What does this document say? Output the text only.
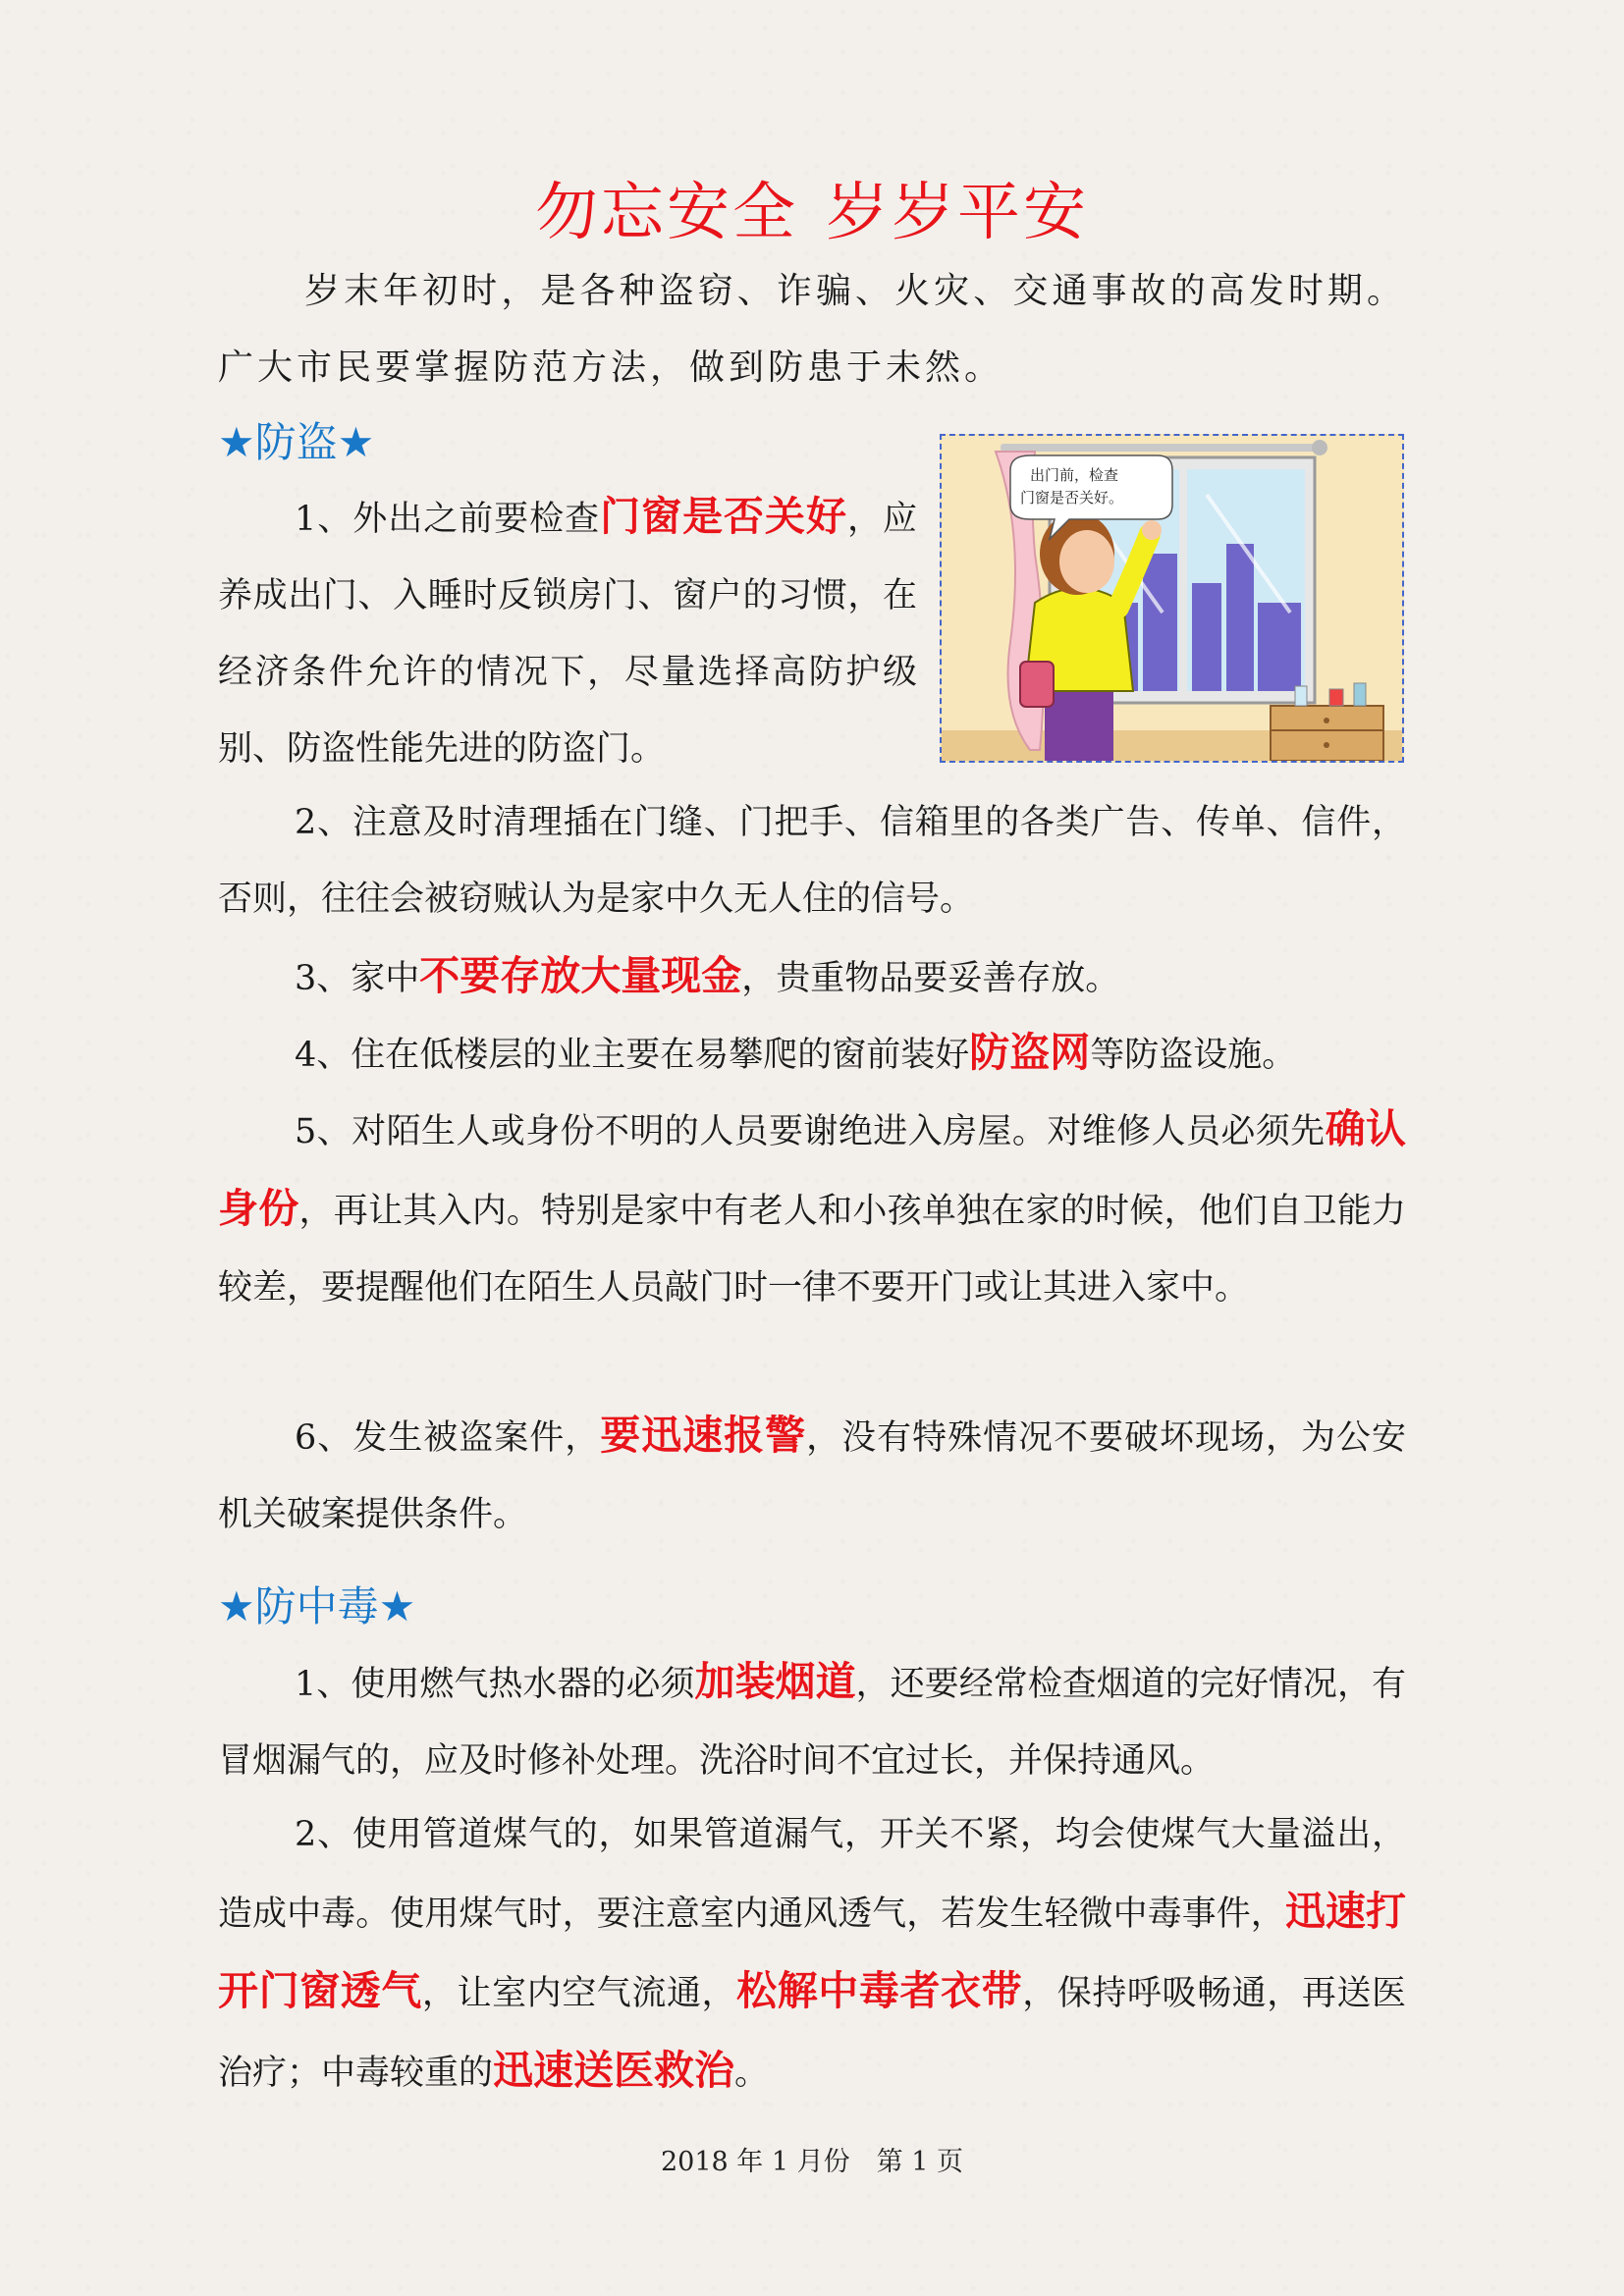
勿忘安全 岁岁平安
岁末年初时，是各种盗窃、诈骗、火灾、交通事故的高发时期。广大市民要掌握防范方法，做到防患于未然。
★防盗★
1、外出之前要检查门窗是否关好，应养成出门、入睡时反锁房门、窗户的习惯，在经济条件允许的情况下，尽量选择高防护级别、防盗性能先进的防盗门。
出门前，检查
门窗是否关好。
2、注意及时清理插在门缝、门把手、信箱里的各类广告、传单、信件，否则，往往会被窃贼认为是家中久无人住的信号。
3、家中不要存放大量现金，贵重物品要妥善存放。
4、住在低楼层的业主要在易攀爬的窗前装好防盗网等防盗设施。
5、对陌生人或身份不明的人员要谢绝进入房屋。对维修人员必须先确认身份，再让其入内。特别是家中有老人和小孩单独在家的时候，他们自卫能力较差，要提醒他们在陌生人员敲门时一律不要开门或让其进入家中。
6、发生被盗案件，要迅速报警，没有特殊情况不要破坏现场，为公安机关破案提供条件。
★防中毒★
1、使用燃气热水器的必须加装烟道，还要经常检查烟道的完好情况，有冒烟漏气的，应及时修补处理。洗浴时间不宜过长，并保持通风。
2、使用管道煤气的，如果管道漏气，开关不紧，均会使煤气大量溢出，造成中毒。使用煤气时，要注意室内通风透气，若发生轻微中毒事件，迅速打开门窗透气，让室内空气流通，松解中毒者衣带，保持呼吸畅通，再送医治疗；中毒较重的迅速送医救治。
2018 年 1 月份　第 1 页
